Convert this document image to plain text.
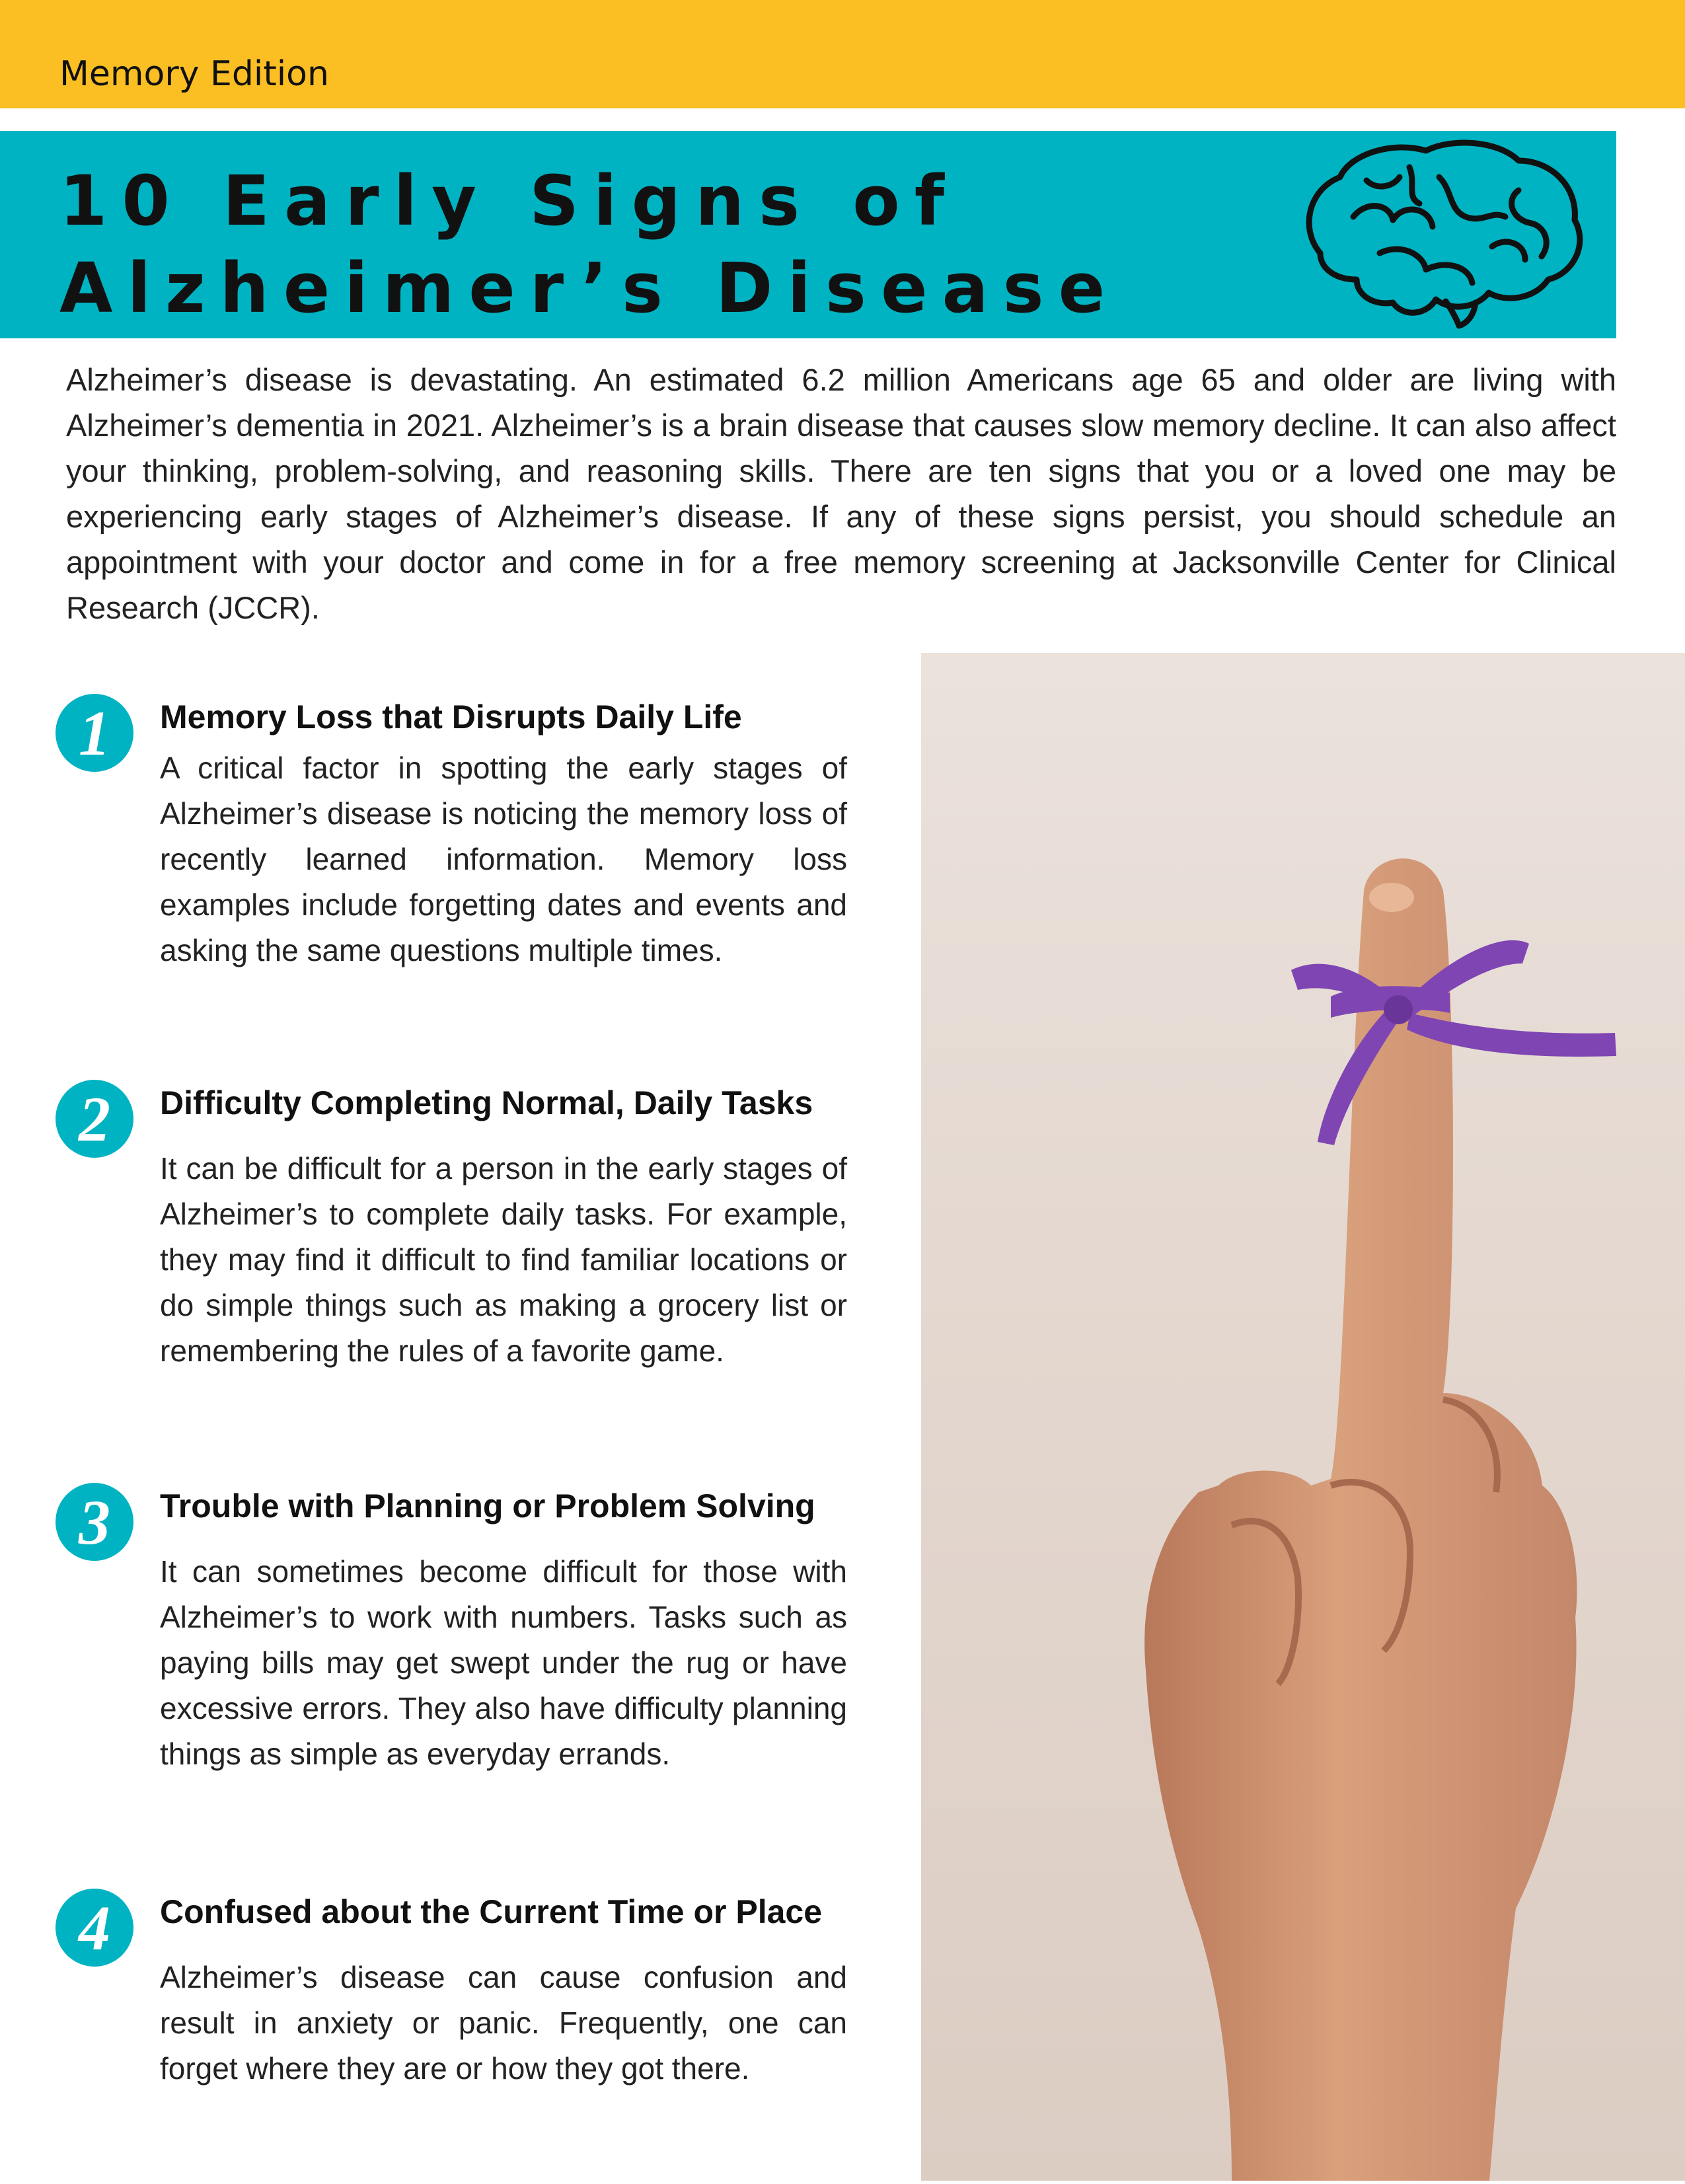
Memory Edition
10 Early Signs of
Alzheimer’s Disease

Alzheimer’s disease is devastating. An estimated 6.2 million Americans age 65 and older are living with Alzheimer’s dementia in 2021. Alzheimer’s is a brain disease that causes slow memory decline. It can also affect your thinking, problem-solving, and reasoning skills. There are ten signs that you or a loved one may be experiencing early stages of Alzheimer’s disease. If any of these signs persist, you should schedule an appointment with your doctor and come in for a free memory screening at Jacksonville Center for Clinical Research (JCCR).

1	Memory Loss that Disrupts Daily Life

A critical factor in spotting the early stages of Alzheimer’s disease is noticing the memory loss of recently learned information. Memory loss examples include forgetting dates and events and asking the same questions multiple times.

2	Difficulty Completing Normal, Daily Tasks

It can be difficult for a person in the early stages of Alzheimer’s to complete daily tasks. For example, they may find it difficult to find familiar locations or do simple things such as making a grocery list or remembering the rules of a favorite game.

3	Trouble with Planning or Problem Solving

It can sometimes become difficult for those with Alzheimer’s to work with numbers. Tasks such as paying bills may get swept under the rug or have excessive errors. They also have difficulty planning things as simple as everyday errands.

4	Confused about the Current Time or Place

Alzheimer’s disease can cause confusion and result in anxiety or panic. Frequently, one can forget where they are or how they got there.
